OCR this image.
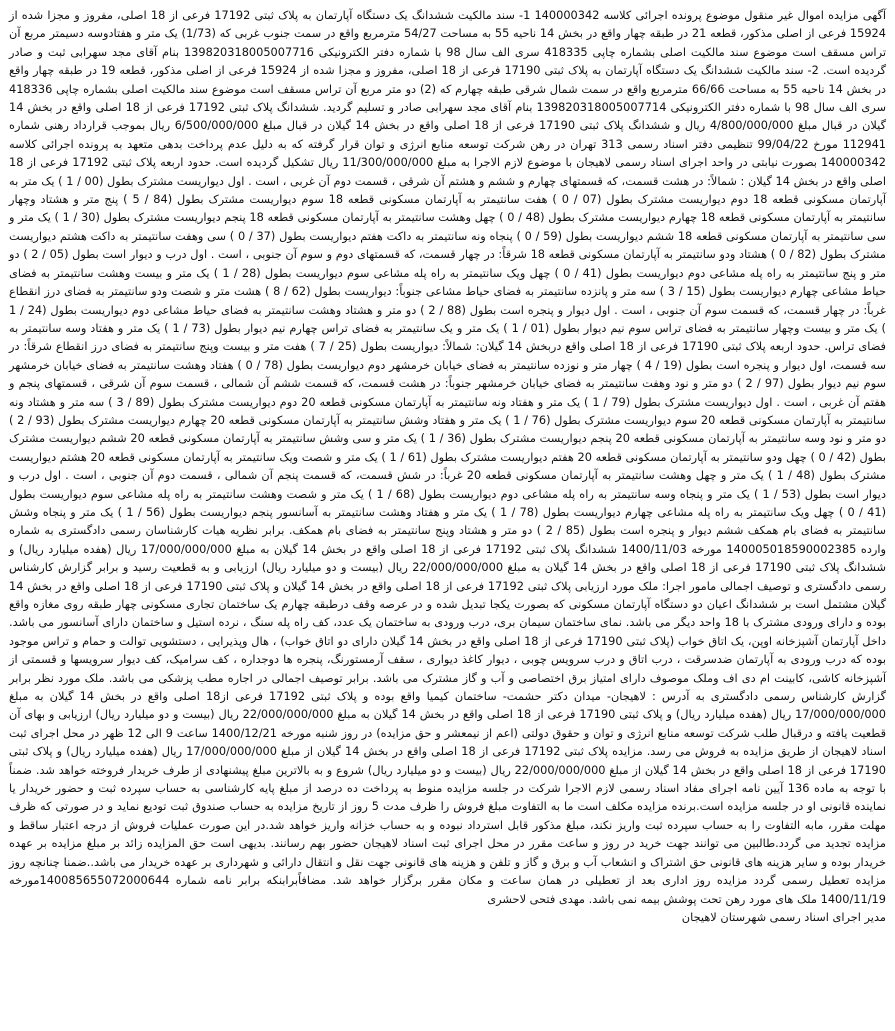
آگهی مزایده اموال غیر منقول موضوع پرونده اجرائی کلاسه 140000342 1- سند مالکیت ششدانگ یک دستگاه آپارتمان به پلاک ثبتی 17192 فرعی از 18 اصلی، مفروز و مجزا شده از 15924 فرعی از اصلی مذکور، قطعه 21 در طبقه چهار واقع در بخش 14 ناحیه 55 به مساحت 54/27 مترمربع واقع در سمت جنوب غربی که (1/73) یک متر و هفتادوسه دسیمتر مربع آن تراس مسقف است موضوع سند مالکیت اصلی بشماره چاپی 418335 سری الف سال 98 با شماره دفتر الکترونیکی 139820318005007716 بنام آقای مجد سهرابی ثبت و صادر گردیده است. 2- سند مالکیت ششدانگ یک دستگاه آپارتمان به پلاک ثبتی 17190 فرعی از 18 اصلی، مفروز و مجزا شده از 15924 فرعی از اصلی مذکور، قطعه 19 در طبقه چهار واقع در بخش 14 ناحیه 55 به مساحت 66/66 مترمربع واقع در سمت شمال شرقی طبقه چهارم که (2) دو متر مربع آن تراس مسقف است موضوع سند مالکیت اصلی بشماره چاپی 418336 سری الف سال 98 با شماره دفتر الکترونیکی 139820318005007714 بنام آقای مجد سهرابی صادر و تسلیم گردید. ششدانگ پلاک ثبتی 17192 فرعی از 18 اصلی واقع در بخش 14 گیلان در قبال مبلغ 4/800/000/000 ریال و ششدانگ پلاک ثبتی 17190 فرعی از 18 اصلی واقع در بخش 14 گیلان در قبال مبلغ 6/500/000/000 ریال بموجب قرارداد رهنی شماره 112941 مورخ 99/04/22 تنظیمی دفتر اسناد رسمی 313 تهران در رهن شرکت توسعه منابع انرژی و توان قرار گرفته که به دلیل عدم پرداخت بدهی متعهد به پرونده اجرائی کلاسه 140000342 بصورت نیابتی در واحد اجرای اسناد رسمی لاهیجان با موضوع لازم الاجرا به مبلغ 11/300/000/000 ریال تشکیل گردیده است. حدود اربعه پلاک ثبتی 17192 فرعی از 18 اصلی واقع در بخش 14 گیلان : شمالاً: در هشت قسمت، که قسمتهای چهارم و ششم و هشتم آن شرقی ، قسمت دوم آن غربی ، است . اول دیواریست مشترک بطول (00 / 1 ) یک متر به آپارتمان مسکونی قطعه 18 دوم دیواریست مشترک بطول (07 / 0 ) هفت سانتیمتر به آپارتمان مسکونی قطعه 18 سوم دیواریست مشترک بطول (84 / 5 ) پنج متر و هشتاد وچهار سانتیمتر به آپارتمان مسکونی قطعه 18 چهارم دیواریست مشترک بطول (48 / 0 ) چهل وهشت سانتیمتر به آپارتمان مسکونی قطعه 18 پنجم دیواریست مشترک بطول (30 / 1 ) یک متر و سی سانتیمتر به آپارتمان مسکونی قطعه 18 ششم دیواریست بطول (59 / 0 ) پنجاه ونه سانتیمتر به داکت هفتم دیواریست بطول (37 / 0 ) سی وهفت سانتیمتر به داکت هشتم دیواریست مشترک بطول (82 / 0 ) هشتاد ودو سانتیمتر به آپارتمان مسکونی قطعه 18 شرقاً: در چهار قسمت، که قسمتهای دوم و سوم آن جنوبی ، است . اول درب و دیوار است بطول (05 / 2 ) دو متر و پنج سانتیمتر به راه پله مشاعی دوم دیواریست بطول (41 / 0 ) چهل ویک سانتیمتر به راه پله مشاعی سوم دیواریست بطول (28 / 1 ) یک متر و بیست وهشت سانتیمتر به فضای حیاط مشاعی چهارم دیواریست بطول (15 / 3 ) سه متر و پانزده سانتیمتر به فضای حیاط مشاعی جنوباً: دیواریست بطول (62 / 8 ) هشت متر و شصت ودو سانتیمتر به فضای درز انقطاع غرباً: در چهار قسمت، که قسمت سوم آن جنوبی ، است . اول دیوار و پنجره است بطول (88 / 2 ) دو متر و هشتاد وهشت سانتیمتر به فضای حیاط مشاعی دوم دیواریست بطول (24 / 1 ) یک متر و بیست وچهار سانتیمتر به فضای تراس سوم نیم دیوار بطول (01 / 1 ) یک متر و یک سانتیمتر به فضای تراس چهارم نیم دیوار بطول (73 / 1 ) یک متر و هفتاد وسه سانتیمتر به فضای تراس. حدود اربعه پلاک ثبتی 17190 فرعی از 18 اصلی واقع دربخش 14 گیلان: شمالاً: دیواریست بطول (25 / 7 ) هفت متر و بیست وپنج سانتیمتر به فضای درز انقطاع شرقاً: در سه قسمت، اول دیوار و پنجره است بطول (19 / 4 ) چهار متر و نوزده سانتیمتر به فضای خیابان خرمشهر دوم دیواریست بطول (78 / 0 ) هفتاد وهشت سانتیمتر به فضای خیابان خرمشهر سوم نیم دیوار بطول (97 / 2 ) دو متر و نود وهفت سانتیمتر به فضای خیابان خرمشهر جنوباً: در هشت قسمت، که قسمت ششم آن شمالی ، قسمت سوم آن شرقی ، قسمتهای پنجم و هفتم آن غربی ، است . اول دیواریست مشترک بطول (79 / 1 ) یک متر و هفتاد ونه سانتیمتر به آپارتمان مسکونی قطعه 20 دوم دیواریست مشترک بطول (89 / 3 ) سه متر و هشتاد ونه سانتیمتر به آپارتمان مسکونی قطعه 20 سوم دیواریست مشترک بطول (76 / 1 ) یک متر و هفتاد وشش سانتیمتر به آپارتمان مسکونی قطعه 20 چهارم دیواریست مشترک بطول (93 / 2 ) دو متر و نود وسه سانتیمتر به آپارتمان مسکونی قطعه 20 پنجم دیواریست مشترک بطول (36 / 1 ) یک متر و سی وشش سانتیمتر به آپارتمان مسکونی قطعه 20 ششم دیواریست مشترک بطول (42 / 0 ) چهل ودو سانتیمتر به آپارتمان مسکونی قطعه 20 هفتم دیواریست مشترک بطول (61 / 1 ) یک متر و شصت ویک سانتیمتر به آپارتمان مسکونی قطعه 20 هشتم دیواریست مشترک بطول (48 / 1 ) یک متر و چهل وهشت سانتیمتر به آپارتمان مسکونی قطعه 20 غرباً: در شش قسمت، که قسمت پنجم آن شمالی ، قسمت دوم آن جنوبی ، است . اول درب و دیوار است بطول (53 / 1 ) یک متر و پنجاه وسه سانتیمتر به راه پله مشاعی دوم دیواریست بطول (68 / 1 ) یک متر و شصت وهشت سانتیمتر به راه پله مشاعی سوم دیواریست بطول (41 / 0 ) چهل ویک سانتیمتر به راه پله مشاعی چهارم دیواریست بطول (78 / 1 ) یک متر و هفتاد وهشت سانتیمتر به آسانسور پنجم دیواریست بطول (56 / 1 ) یک متر و پنجاه وشش سانتیمتر به فضای بام همکف ششم دیوار و پنجره است بطول (85 / 2 ) دو متر و هشتاد وپنج سانتیمتر به فضای بام همکف. برابر نظریه هیات کارشناسان رسمی دادگستری به شماره وارده 140005018590002385 مورخه 1400/11/03 ششدانگ پلاک ثبتی 17192 فرعی از 18 اصلی واقع در بخش 14 گیلان به مبلغ 17/000/000/000 ریال (هفده میلیارد ریال) و ششدانگ پلاک ثبتی 17190 فرعی از 18 اصلی واقع در بخش 14 گیلان به مبلغ 22/000/000/000 ریال (بیست و دو میلیارد ریال) ارزیابی و به قطعیت رسید و برابر گزارش کارشناس رسمی دادگستری و توصیف اجمالی مامور اجرا: ملک مورد ارزیابی پلاک ثبتی 17192 فرعی از 18 اصلی واقع در بخش 14 گیلان و پلاک ثبتی 17190 فرعی از 18 اصلی واقع در بخش 14 گیلان مشتمل است بر ششدانگ اعیان دو دستگاه آپارتمان مسکونی که بصورت یکجا تبدیل شده و در عرصه وقف درطبقه چهارم یک ساختمان تجاری مسکونی چهار طبقه روی مغازه واقع بوده و دارای ورودی مشترک با 18 واحد دیگر می باشد. نمای ساختمان سیمان بری، درب ورودی به ساختمان یک عدد، کف راه پله سنگ ، نرده استیل و ساختمان دارای آسانسور می باشد. داخل آپارتمان آشپزخانه اوپن، یک اتاق خواب (پلاک ثبتی 17190 فرعی از 18 اصلی واقع در بخش 14 گیلان دارای دو اتاق خواب) ، هال وپذیرایی ، دستشویی توالت و حمام و تراس موجود بوده که درب ورودی به آپارتمان ضدسرقت ، درب اتاق و درب سرویس چوبی ، دیوار کاغذ دیواری ، سقف آرمستورنگ، پنجره ها دوجداره ، کف سرامیک، کف دیوار سرویسها و قسمتی از آشپزخانه کاشی، کابینت ام دی اف وملک موصوف دارای امتیاز برق اختصاصی و آب و گاز مشترک می باشد. برابر توصیف اجمالی در اجاره مطب پزشکی می باشد. ملک مورد نظر برابر گزارش کارشناس رسمی دادگستری به آدرس : لاهیجان- میدان دکتر حشمت- ساختمان کیمیا واقع بوده و پلاک ثبتی 17192 فرعی از18 اصلی واقع در بخش 14 گیلان به مبلغ 17/000/000/000 ریال (هفده میلیارد ریال) و پلاک ثبتی 17190 فرعی از 18 اصلی واقع در بخش 14 گیلان به مبلغ 22/000/000/000 ریال (بیست و دو میلیارد ریال) ارزیابی و بهای آن قطعیت یافته و درقبال طلب شرکت توسعه منابع انرژی و توان و حقوق دولتی (اعم از نیمعشر و حق مزایده) در روز شنبه مورخه 1400/12/21 ساعت 9 الی 12 ظهر در محل اجرای ثبت اسناد لاهیجان از طریق مزایده به فروش می رسد. مزایده پلاک ثبتی 17192 فرعی از 18 اصلی واقع در بخش 14 گیلان از مبلغ 17/000/000/000 ریال (هفده میلیارد ریال) و پلاک ثبتی 17190 فرعی از 18 اصلی واقع در بخش 14 گیلان از مبلغ 22/000/000/000 ریال (بیست و دو میلیارد ریال) شروع و به بالاترین مبلغ پیشنهادی از طرف خریدار فروخته خواهد شد. ضمناً با توجه به ماده 136 آیین نامه اجرای مفاد اسناد رسمی لازم الاجرا شرکت در جلسه مزایده منوط به پرداخت ده درصد از مبلغ پایه کارشناسی به حساب سپرده ثبت و حضور خریدار یا نماینده قانونی او در جلسه مزایده است.برنده مزایده مکلف است ما به التفاوت مبلغ فروش را ظرف مدت 5 روز از تاریخ مزایده به حساب صندوق ثبت تودیع نماید و در صورتی که ظرف مهلت مقرر، مابه التفاوت را به حساب سپرده ثبت واریز نکند، مبلغ مذکور قابل استرداد نبوده و به حساب خزانه واریز خواهد شد.در این صورت عملیات فروش از درجه اعتبار ساقط و مزایده تجدید می گردد.طالبین می توانند جهت خرید در روز و ساعت مقرر در محل اجرای ثبت اسناد لاهیجان حضور بهم رسانند. بدیهی است حق المزایده زائد بر مبلغ مزایده بر عهده خریدار بوده و سایر هزینه های قانونی حق اشتراک و انشعاب آب و برق و گاز و تلفن و هزینه های قانونی جهت نقل و انتقال دارائی و شهرداری بر عهده خریدار می باشد..ضمنا چنانچه روز مزایده تعطیل رسمی گردد مزایده روز اداری بعد از تعطیلی در همان ساعت و مکان مقرر برگزار خواهد شد. مضافاًبرابنکه برابر نامه شماره 140085655072000644مورخه 1400/11/19 ملک های مورد رهن تحت پوشش بیمه نمی باشد. مهدی فتحی لاحشری

مدیر اجرای اسناد رسمی شهرستان لاهیجان
